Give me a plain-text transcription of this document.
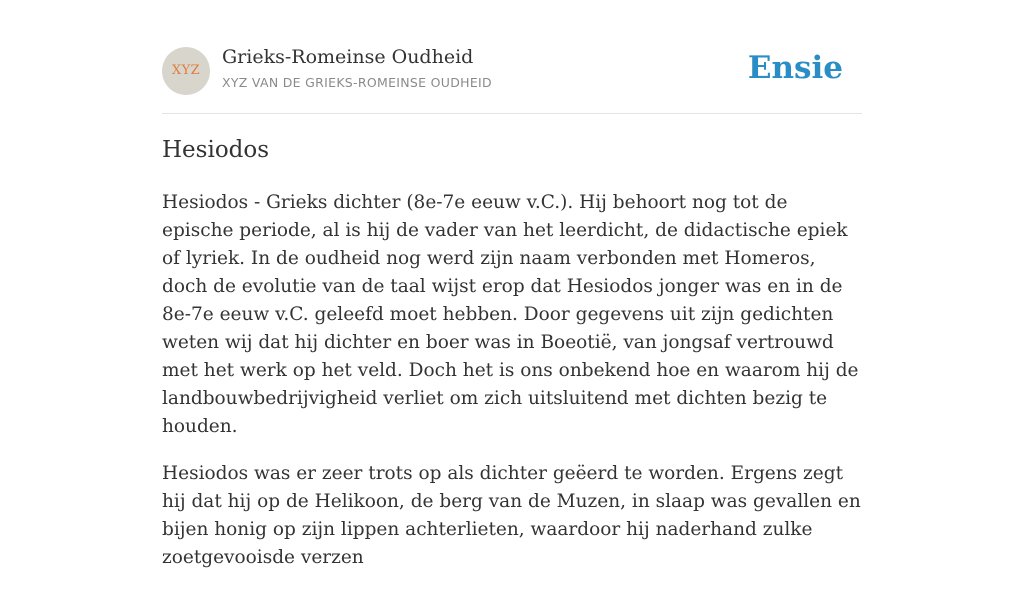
XYZ
Grieks-Romeinse Oudheid
XYZ VAN DE GRIEKS-ROMEINSE OUDHEID	Ensie
Hesiodos

Hesiodos - Grieks dichter (8e-7e eeuw v.C.). Hij behoort nog tot de epische periode, al is hij de vader van het leerdicht, de didactische epiek of lyriek. In de oudheid nog werd zijn naam verbonden met Homeros, doch de evolutie van de taal wijst erop dat Hesiodos jonger was en in de 8e-7e eeuw v.C. geleefd moet hebben. Door gegevens uit zijn gedichten weten wij dat hij dichter en boer was in Boeotië, van jongsaf vertrouwd met het werk op het veld. Doch het is ons onbekend hoe en waarom hij de landbouwbedrijvigheid verliet om zich uitsluitend met dichten bezig te houden.

Hesiodos was er zeer trots op als dichter geëerd te worden. Ergens zegt hij dat hij op de Helikoon, de berg van de Muzen, in slaap was gevallen en bijen honig op zijn lippen achterlieten, waardoor hij naderhand zulke zoetgevooisde verzen
